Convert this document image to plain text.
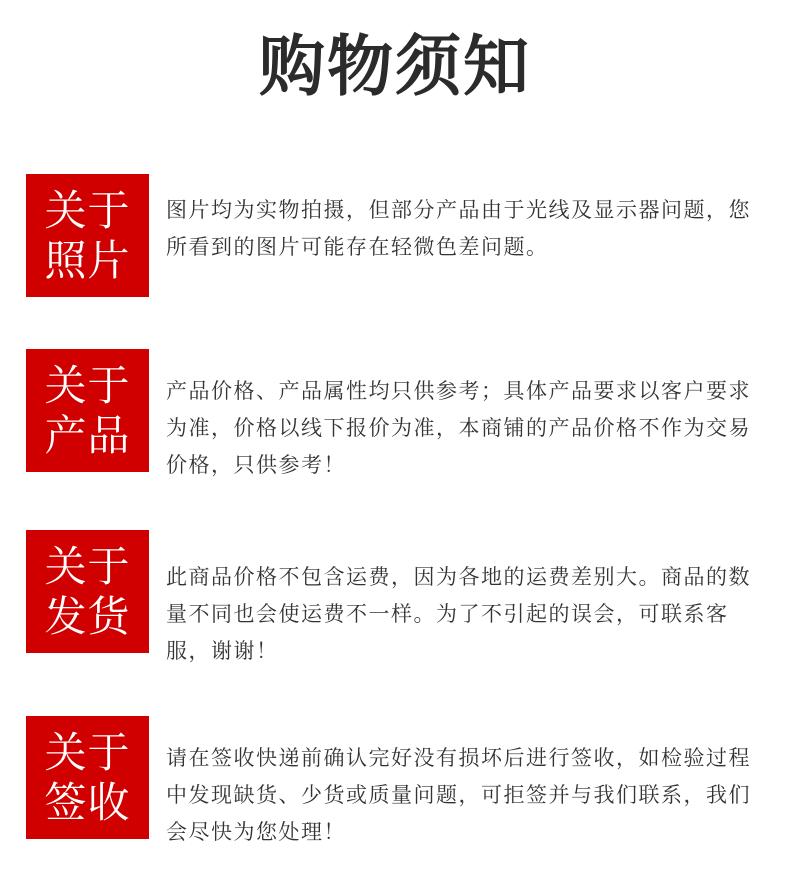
购物须知
关于
照片
图片均为实物拍摄，但部分产品由于光线及显示器问题，您所看到的图片可能存在轻微色差问题。
关于
产品
产品价格、产品属性均只供参考；具体产品要求以客户要求为准，价格以线下报价为准，本商铺的产品价格不作为交易价格，只供参考！
关于
发货
此商品价格不包含运费，因为各地的运费差别大。商品的数量不同也会使运费不一样。为了不引起的误会，可联系客服，谢谢！
关于
签收
请在签收快递前确认完好没有损坏后进行签收，如检验过程中发现缺货、少货或质量问题，可拒签并与我们联系，我们会尽快为您处理！
